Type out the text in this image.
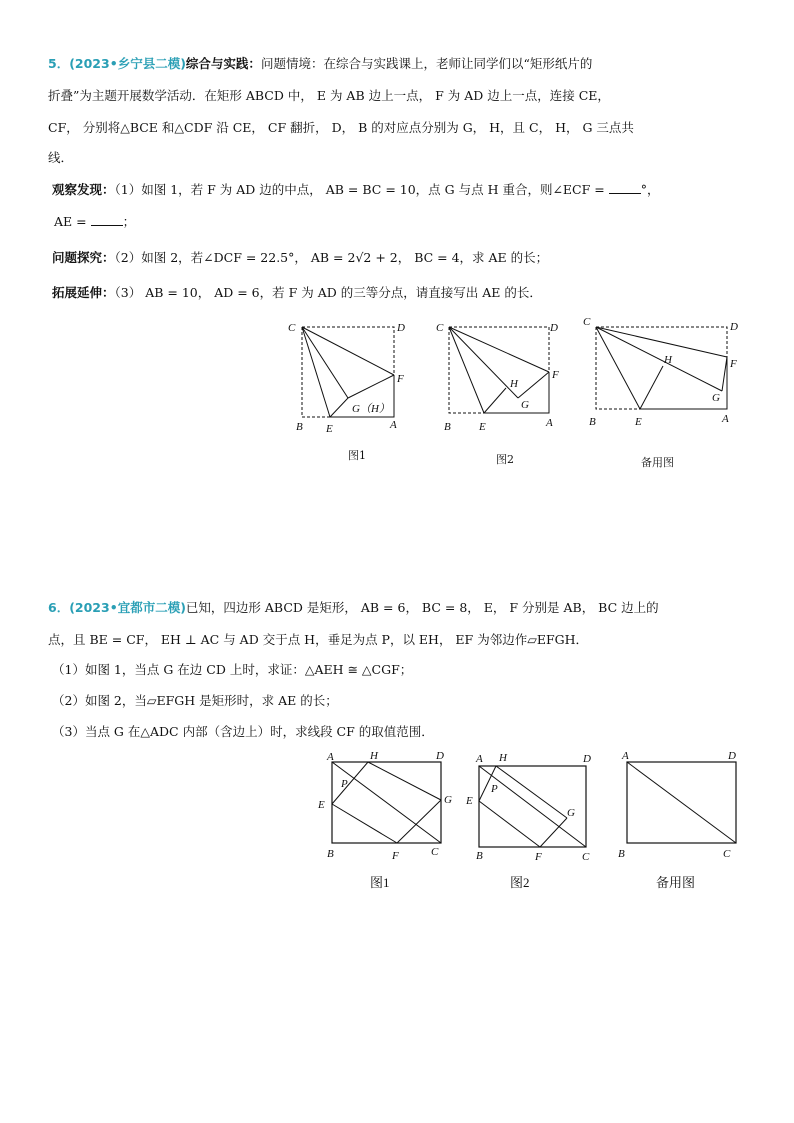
5．(2023•乡宁县二模)综合与实践：问题情境：在综合与实践课上，老师让同学们以“矩形纸片的
折叠”为主题开展数学活动．在矩形 ABCD 中， E 为 AB 边上一点， F 为 AD 边上一点，连接 CE，
CF， 分别将△BCE 和△CDF 沿 CE， CF 翻折， D， B 的对应点分别为 G， H，且 C， H， G 三点共
线．
观察发现：（1）如图 1，若 F 为 AD 边的中点， AB = BC = 10，点 G 与点 H 重合，则∠ECF =	°，
AE =	；
问题探究：（2）如图 2，若∠DCF = 22.5°， AB = 2√2 + 2， BC = 4，求 AE 的长；
拓展延伸：（3） AB = 10， AD = 6，若 F 为 AD 的三等分点，请直接写出 AE 的长．
C	D
F
G（H）
B E	A
C	D
F
H
G
B	E	A
C	D
H	F
G
B	E	A
图1	图2	备用图
6．(2023•宜都市二模)已知，四边形 ABCD 是矩形， AB = 6， BC = 8， E， F 分别是 AB， BC 边上的
点，且 BE = CF， EH ⊥ AC 与 AD 交于点 H，垂足为点 P，以 EH， EF 为邻边作▱EFGH．
（1）如图 1，当点 G 在边 CD 上时，求证：△AEH ≅ △CGF；
（2）如图 2，当▱EFGH 是矩形时，求 AE 的长；
（3）当点 G 在△ADC 内部（含边上）时，求线段 CF 的取值范围．
A	H	D
P
E	G
B	F	C
A H	D
P
E
G
B	F	C
A	D
B	C
图1	图2	备用图
